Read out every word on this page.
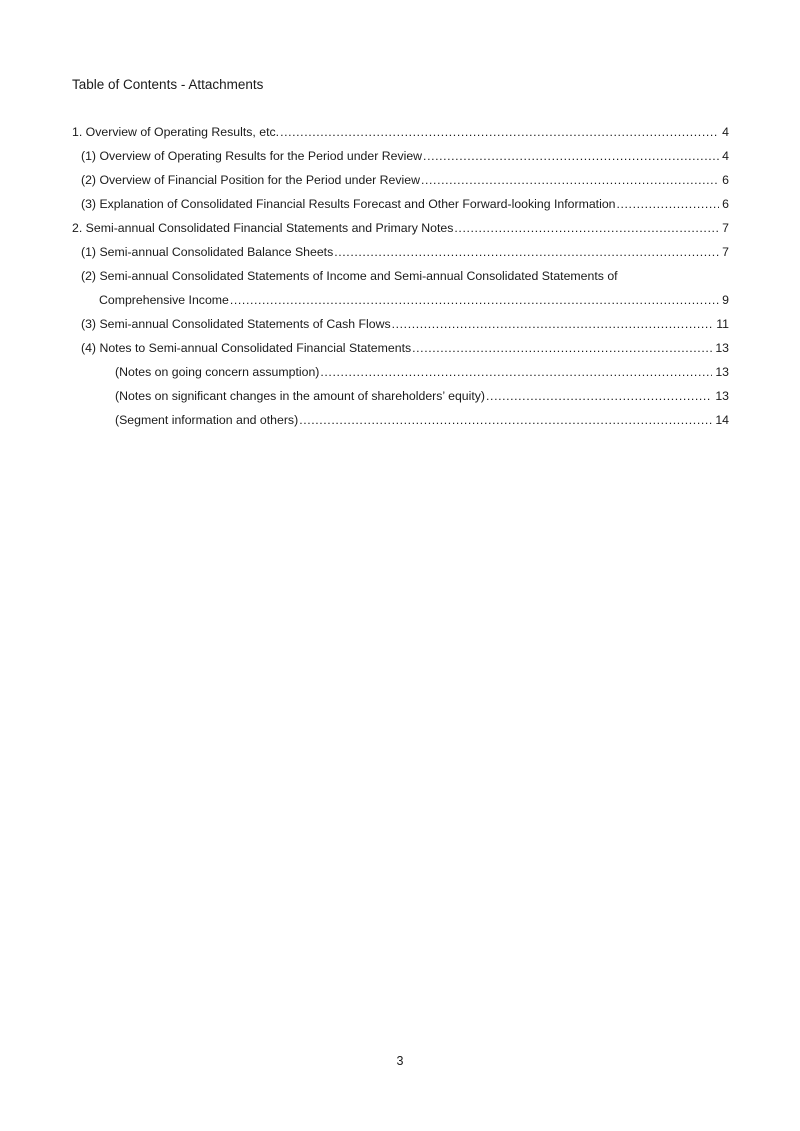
Table of Contents - Attachments
1. Overview of Operating Results, etc. .....	4
(1) Overview of Operating Results for the Period under Review .....	4
(2) Overview of Financial Position for the Period under Review .....	6
(3) Explanation of Consolidated Financial Results Forecast and Other Forward-looking Information .....	6
2. Semi-annual Consolidated Financial Statements and Primary Notes .....	7
(1) Semi-annual Consolidated Balance Sheets .....	7
(2) Semi-annual Consolidated Statements of Income and Semi-annual Consolidated Statements of
Comprehensive Income .....	9
(3) Semi-annual Consolidated Statements of Cash Flows .....	11
(4) Notes to Semi-annual Consolidated Financial Statements .....	13
(Notes on going concern assumption) .....	13
(Notes on significant changes in the amount of shareholders’ equity) .....	13
(Segment information and others) .....	14
3
